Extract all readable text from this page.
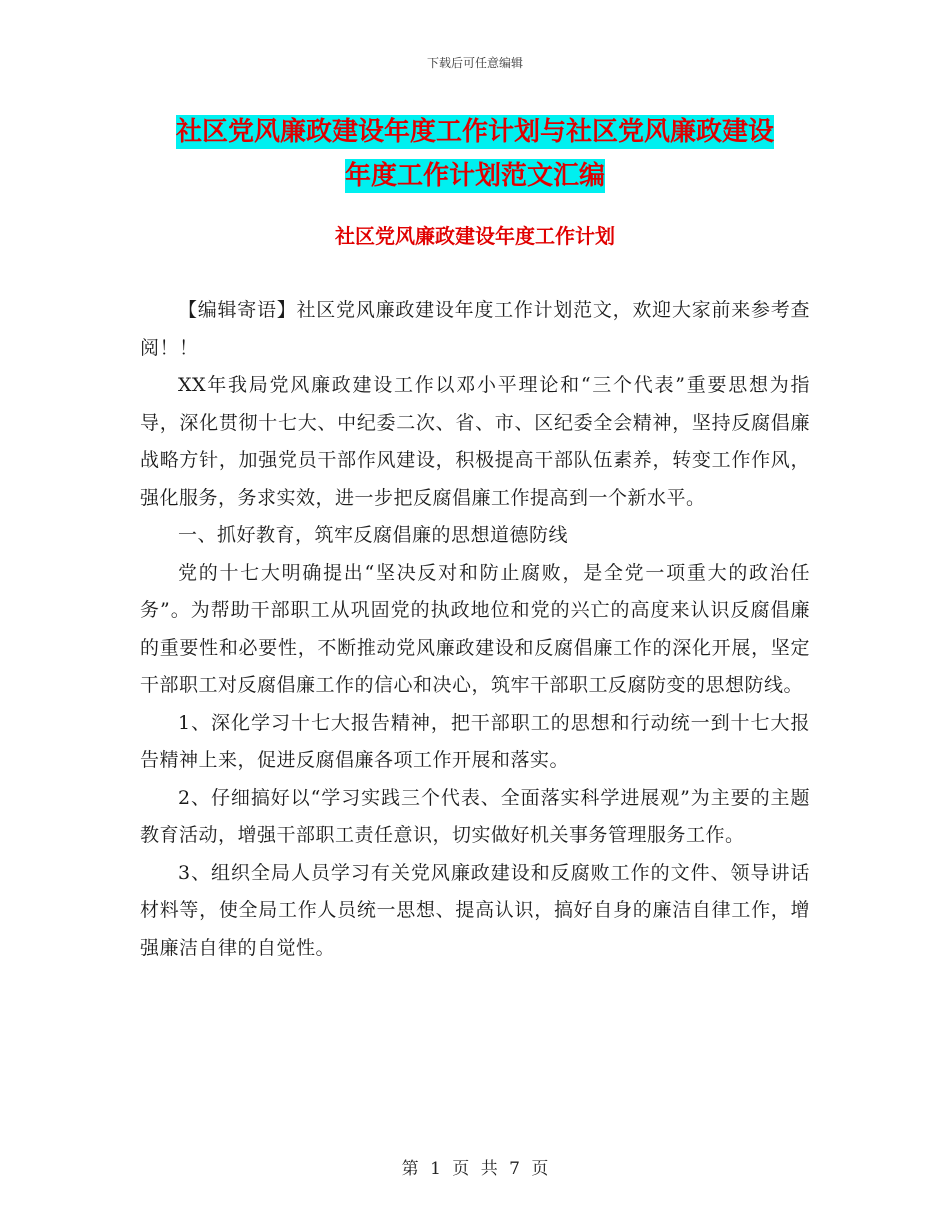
下载后可任意编辑
社区党风廉政建设年度工作计划与社区党风廉政建设
年度工作计划范文汇编
社区党风廉政建设年度工作计划

【编辑寄语】社区党风廉政建设年度工作计划范文，欢迎大家前来参考查阅！！

XX年我局党风廉政建设工作以邓小平理论和“三个代表”重要思想为指导，深化贯彻十七大、中纪委二次、省、市、区纪委全会精神，坚持反腐倡廉战略方针，加强党员干部作风建设，积极提高干部队伍素养，转变工作作风，强化服务，务求实效，进一步把反腐倡廉工作提高到一个新水平。

一、抓好教育，筑牢反腐倡廉的思想道德防线

党的十七大明确提出“坚决反对和防止腐败，是全党一项重大的政治任务”。为帮助干部职工从巩固党的执政地位和党的兴亡的高度来认识反腐倡廉的重要性和必要性，不断推动党风廉政建设和反腐倡廉工作的深化开展，坚定干部职工对反腐倡廉工作的信心和决心，筑牢干部职工反腐防变的思想防线。

1、深化学习十七大报告精神，把干部职工的思想和行动统一到十七大报告精神上来，促进反腐倡廉各项工作开展和落实。

2、仔细搞好以“学习实践三个代表、全面落实科学进展观”为主要的主题教育活动，增强干部职工责任意识，切实做好机关事务管理服务工作。

3、组织全局人员学习有关党风廉政建设和反腐败工作的文件、领导讲话材料等，使全局工作人员统一思想、提高认识，搞好自身的廉洁自律工作，增强廉洁自律的自觉性。

第 1 页 共 7 页
